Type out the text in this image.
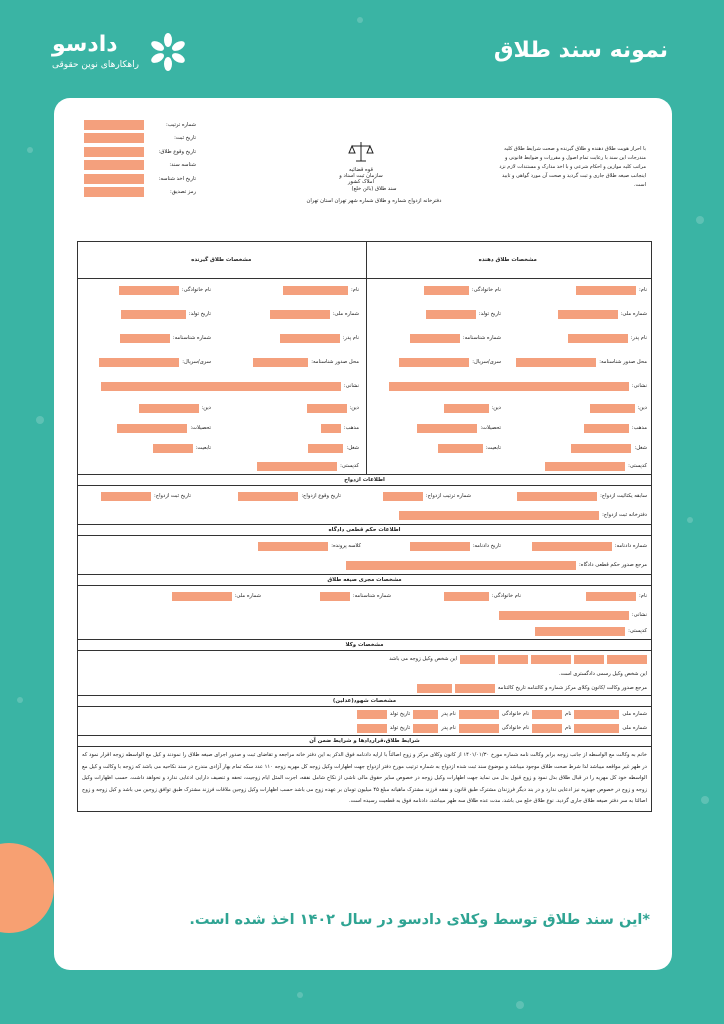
دادسو
راهکارهای نوین حقوقی
نمونه سند طلاق
شماره ترتیب:
تاریخ ثبت:
تاریخ وقوع طلاق:
شناسه سند:
تاریخ اخذ شناسه:
رمز تصدیق:
قوه قضائیه
سازمان ثبت اسناد و املاک کشور
با احراز هویت طلاق دهنده و طلاق گیرنده و صحت شرایط طلاق کلیه مندرجات این سند با رعایت تمام اصول و مقررات و ضوابط قانونی و مراتب کلیه موازین و احکام شرعی و با اخذ مدارک و مستندات لازم نزد اینجانب صیغه طلاق جاری و ثبت گردید و صحت آن مورد گواهی و تایید است.
سند طلاق (بائن خلع)
دفترخانه ازدواج شماره و طلاق شماره شهر تهران استان تهران
مشخصات طلاق دهنده
مشخصات طلاق گیرنده
نام:
نام خانوادگی:
نام:
نام خانوادگی:
شماره ملی:
تاریخ تولد:
شماره ملی:
تاریخ تولد:
نام پدر:
شماره شناسنامه:
نام پدر:
شماره شناسنامه:
محل صدور شناسنامه:
سری/سریال:
محل صدور شناسنامه:
سری/سریال:
نشانی:
نشانی:
دین:
دین:
دین:
دین:
مذهب:
تحصیلات:
مذهب:
تحصیلات:
شغل:
تابعیت:
شغل:
تابعیت:
کدپستی:
کدپستی:
اطلاعات ازدواج
سابقه یکتائیت ازدواج:
شماره ترتیب ازدواج:
تاریخ وقوع ازدواج:
تاریخ ثبت ازدواج:
دفترخانه ثبت ازدواج:
اطلاعات حکم قطعی دادگاه
شماره دادنامه:
تاریخ دادنامه:
کلاسه پرونده:
مرجع صدور حکم قطعی دادگاه:
مشخصات مجری صیغه طلاق
نام:
نام خانوادگی:
شماره شناسنامه:
شماره ملی:
نشانی:
کدپستی:
مشخصات وکلا
این شخص وکیل زوجه می باشد
این شخص وکیل رسمی دادگستری است.
مرجع صدور وکالت /کانون وکلای مرکز شماره و کالتنامه تاریخ کالتنامه
مشخصات شهود(عدلین)
شماره ملی
نام
نام خانوادگی
نام پدر
تاریخ تولد
شماره ملی
نام
نام خانوادگی
نام پدر
تاریخ تولد
شرایط طلاق،قراردادها و شرایط ضمن آن
خانم به وکالت مع الواسطه از جانب زوجه برابر وکالت نامه شماره مورخ ۱۴۰۱/۰۱/۳۰ از کانون وکلای مرکز و زوج اصالتاً با ارایه دادنامه فوق الذکر به این دفتر خانه مراجعه و تقاضای ثبت و صدور اجرای صیغه طلاق را نمودند و کیل مع الواسطه زوجه اقرار نمود که در طهر غیر مواقعه میباشد لذا شرط صحت طلاق موجود میباشد و موضوع سند ثبت شده ازدواج به شماره ترتیب مورخ دفتر ازدواج جهت اطهارات وکیل زوجه کل مهریه زوجه ۱۱۰ عدد سکه تمام بهار آزادی مندرج در سند نکاحیه می باشد که زوجه با وکالت و کیل مع الواسطه خود کل مهریه را در قبال طلاق بذل نمود و زوج قبول بذل می نماید جهت اطهارات وکیل زوجه در خصوص سایر حقوق مالی ناشی از نکاح شامل نفقه، اجرت المثل ایام زوجیت، تحفه و تنصیف دارایی ادعایی ندارد و نحواهد داشت. حسب اظهارات وکیل زوجه و زوج در خصوص جهیزیه نیز ادعایی ندارد و در بند دیگر فرزندان مشترک طبق قانون و نفقه فرزند مشترک ماهیانه مبلغ ۴۵ میلیون تومان بر عهده زوج می باشد حسب اظهارات وکیل زوجین ملاقات فرزند مشترک طبق توافق زوجین می باشد و کیل زوجه و زوج اصالتا به سر دفتر صیغه طلاق جاری گردید. نوع طلاق خلع می باشد، مدت عده طلاق سه طهر میباشد، دادنامه فوق به قطعیت رسیده است.
*این سند طلاق توسط وکلای دادسو در سال ۱۴۰۲ اخذ شده است.
